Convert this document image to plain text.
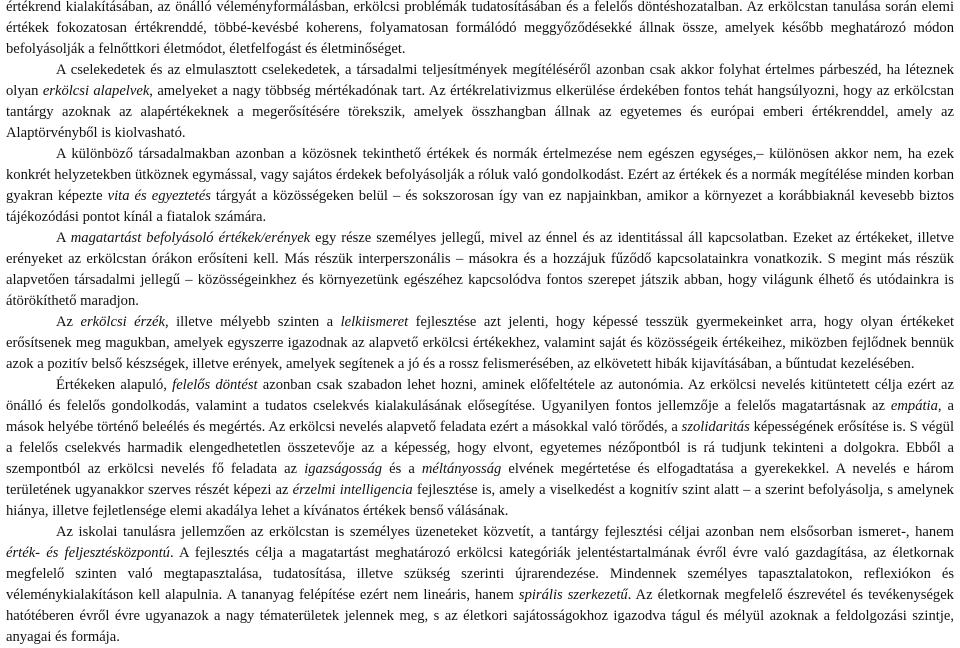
értékrend kialakításában, az önálló véleményformálásban, erkölcsi problémák tudatosításában és a felelős döntéshozatalban. Az erkölcstan tanulása során elemi értékek fokozatosan értékrenddé, többé-kevésbé koherens, folyamatosan formálódó meggyőződésekké állnak össze, amelyek később meghatározó módon befolyásolják a felnőttkori életmódot, életfelfogást és életminőséget.

A cselekedetek és az elmulasztott cselekedetek, a társadalmi teljesítmények megítéléséről azonban csak akkor folyhat értelmes párbeszéd, ha léteznek olyan erkölcsi alapelvek, amelyeket a nagy többség mértékadónak tart. Az értékrelativizmus elkerülése érdekében fontos tehát hangsúlyozni, hogy az erkölcstan tantárgy azoknak az alapértékeknek a megerősítésére törekszik, amelyek összhangban állnak az egyetemes és európai emberi értékrenddel, amely az Alaptörvényből is kiolvasható.

A különböző társadalmakban azonban a közösnek tekinthető értékek és normák értelmezése nem egészen egységes,– különösen akkor nem, ha ezek konkrét helyzetekben ütköznek egymással, vagy sajátos érdekek befolyásolják a róluk való gondolkodást. Ezért az értékek és a normák megítélése minden korban gyakran képezte vita és egyeztetés tárgyát a közösségeken belül – és sokszorosan így van ez napjainkban, amikor a környezet a korábbiaknál kevesebb biztos tájékozódási pontot kínál a fiatalok számára.

A magatartást befolyásoló értékek/erények egy része személyes jellegű, mivel az énnel és az identitással áll kapcsolatban. Ezeket az értékeket, illetve erényeket az erkölcstan órákon erősíteni kell. Más részük interperszonális – másokra és a hozzájuk fűződő kapcsolatainkra vonatkozik. S megint más részük alapvetően társadalmi jellegű – közösségeinkhez és környezetünk egészéhez kapcsolódva fontos szerepet játszik abban, hogy világunk élhető és utódainkra is átörökíthető maradjon.

Az erkölcsi érzék, illetve mélyebb szinten a lelkiismeret fejlesztése azt jelenti, hogy képessé tesszük gyermekeinket arra, hogy olyan értékeket erősítsenek meg magukban, amelyek egyszerre igazodnak az alapvető erkölcsi értékekhez, valamint saját és közösségeik értékeihez, miközben fejlődnek bennük azok a pozitív belső készségek, illetve erények, amelyek segítenek a jó és a rossz felismerésében, az elkövetett hibák kijavításában, a bűntudat kezelésében.

Értékeken alapuló, felelős döntést azonban csak szabadon lehet hozni, aminek előfeltétele az autonómia. Az erkölcsi nevelés kitüntetett célja ezért az önálló és felelős gondolkodás, valamint a tudatos cselekvés kialakulásának elősegítése. Ugyanilyen fontos jellemzője a felelős magatartásnak az empátia, a mások helyébe történő beleélés és megértés. Az erkölcsi nevelés alapvető feladata ezért a másokkal való törődés, a szolidaritás képességének erősítése is. S végül a felelős cselekvés harmadik elengedhetetlen összetevője az a képesség, hogy elvont, egyetemes nézőpontból is rá tudjunk tekinteni a dolgokra. Ebből a szempontból az erkölcsi nevelés fő feladata az igazságosság és a méltányosság elvének megértetése és elfogadtatása a gyerekekkel. A nevelés e három területének ugyanakkor szerves részét képezi az érzelmi intelligencia fejlesztése is, amely a viselkedést a kognitív szint alatt – a szerint befolyásolja, s amelynek hiánya, illetve fejletlensége elemi akadálya lehet a kívánatos értékek benső válásának.

Az iskolai tanulásra jellemzően az erkölcstan is személyes üzeneteket közvetít, a tantárgy fejlesztési céljai azonban nem elsősorban ismeret-, hanem érték- és feljesztésközpontú. A fejlesztés célja a magatartást meghatározó erkölcsi kategóriák jelentéstartalmának évről évre való gazdagítása, az életkornak megfelelő szinten való megtapasztalása, tudatosítása, illetve szükség szerinti újrarendezése. Mindennek személyes tapasztalatokon, reflexiókon és véleménykialakításon kell alapulnia. A tananyag felépítése ezért nem lineáris, hanem spirális szerkezetű. Az életkornak megfelelő észrevétel és tevékenységek hatótéberen évről évre ugyanazok a nagy tématerületek jelennek meg, s az életkori sajátosságokhoz igazodva tágul és mélyül azoknak a feldolgozási szintje, anyagai és formája.
